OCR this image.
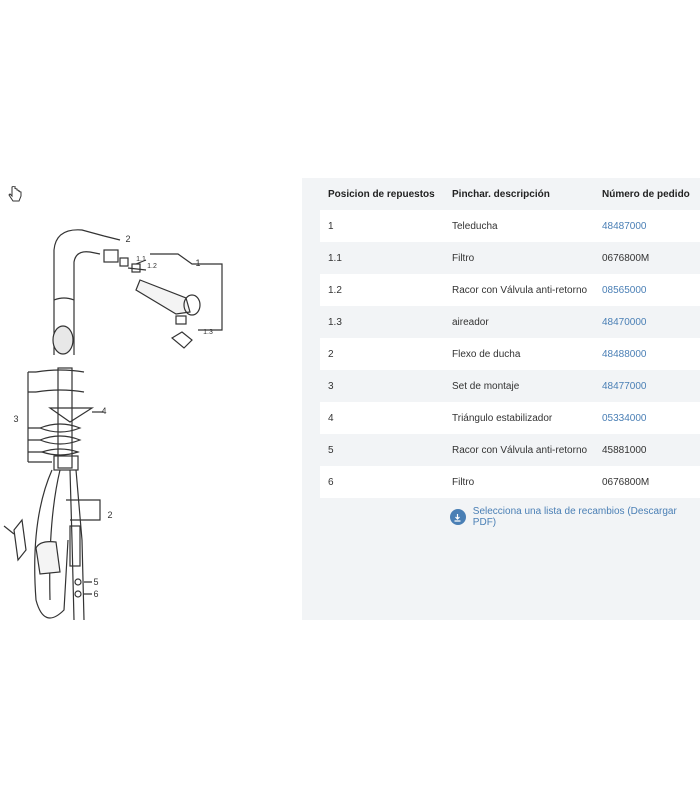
2
1
1.1
1.2
1.3
3
4
2
5
6
Posicion de repuestos	Pinchar. descripción	Número de pedido
1	Teleducha	48487000
1.1	Filtro	0676800M
1.2	Racor con Válvula anti-retorno	08565000
1.3	aireador	48470000
2	Flexo de ducha	48488000
3	Set de montaje	48477000
4	Triángulo estabilizador	05334000
5	Racor con Válvula anti-retorno	45881000
6	Filtro	0676800M
Selecciona una lista de recambios (Descargar PDF)
